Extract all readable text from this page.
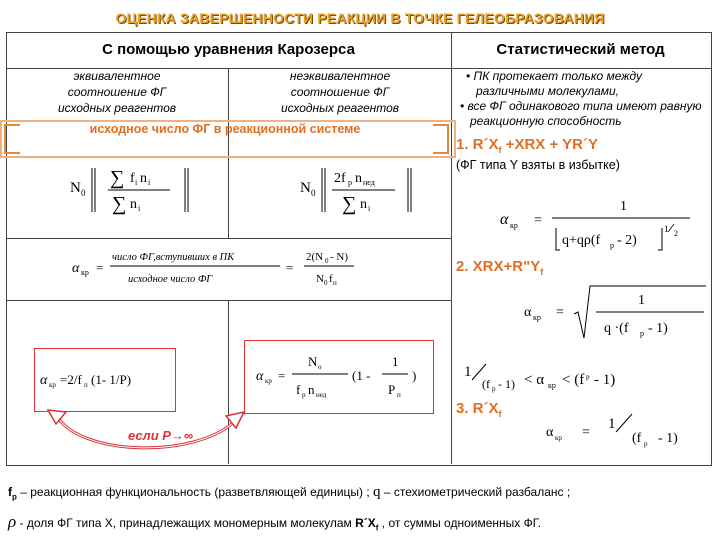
ОЦЕНКА ЗАВЕРШЕННОСТИ РЕАКЦИИ В ТОЧКЕ ГЕЛЕОБРАЗОВАНИЯ
С помощью уравнения Карозерса	Статистический метод
эквивалентное
соотношение ФГ
исходных реагентов
неэквивалентное
соотношение ФГ
исходных реагентов
исходное число ФГ в реакционной системе
N 0
∑ f i n i
∑ n i
N 0
2f р n нед
∑ n i
α кр =
число ФГ,вступивших в ПК
исходное число ФГ
=
2(N 0 - N)
N 0 f п
α кр =2/f п (1- 1/P)	α кр =
N о
f р n нед
(1 -
1
P п
)
если Р→∞
• ПК протекает только между различными молекулами,
• все ФГ одинакового типа имеют равную реакционную способность
1. $R´X_f +XRX$ + YR´Y
(ФГ типа Y взяты в избытке)
α кр =
1
q+qρ(f р - 2)
1 2
2. $XRX+R"Y_f$
α кр =
1
q ·(f р - 1)
1
(f р - 1) < α кр < (f р - 1)
3. $R´X_f$
α кр =
1
(f р - 1)
$f_р$ – реакционная функциональность (разветвляющей единицы) ; q – стехиометрический разбаланс ;
ρ - доля ФГ типа Х, принадлежащих мономерным молекулам $R´X_f$ , от суммы одноименных ФГ.
